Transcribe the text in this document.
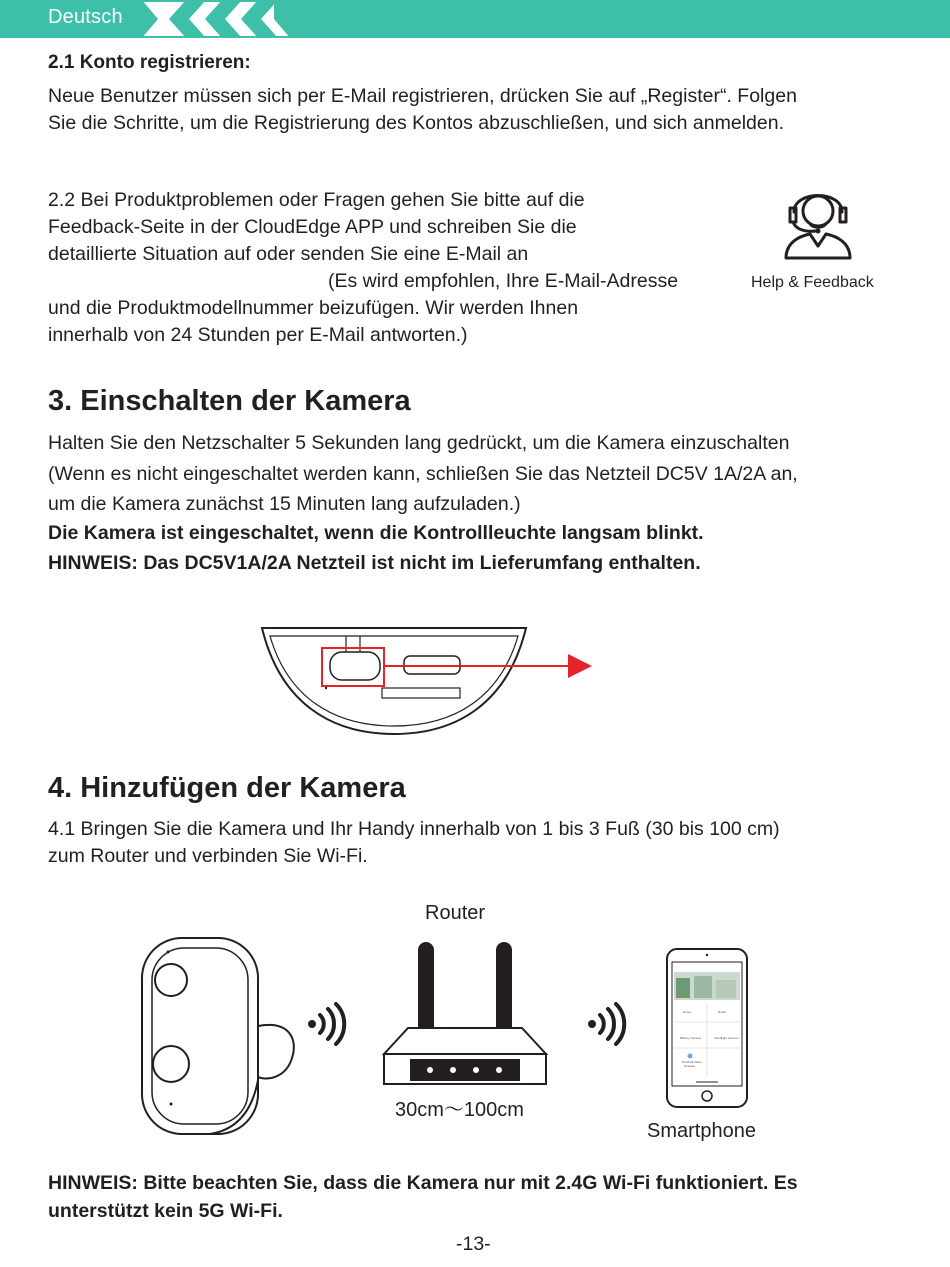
Deutsch
2.1 Konto registrieren:
Neue Benutzer müssen sich per E-Mail registrieren, drücken Sie auf „Register“. Folgen
Sie die Schritte, um die Registrierung des Kontos abzuschließen, und sich anmelden.
2.2 Bei Produktproblemen oder Fragen gehen Sie bitte auf die
Feedback-Seite in der CloudEdge APP und schreiben Sie die
detaillierte Situation auf oder senden Sie eine E-Mail an
(Es wird empfohlen, Ihre E-Mail-Adresse
und die Produktmodellnummer beizufügen. Wir werden Ihnen
innerhalb von 24 Stunden per E-Mail antworten.)
Help & Feedback
3. Einschalten der Kamera
Halten Sie den Netzschalter 5 Sekunden lang gedrückt, um die Kamera einzuschalten
(Wenn es nicht eingeschaltet werden kann, schließen Sie das Netzteil DC5V 1A/2A an,
um die Kamera zunächst 15 Minuten lang aufzuladen.)
Die Kamera ist eingeschaltet, wenn die Kontrollleuchte langsam blinkt.
HINWEIS: Das DC5V1A/2A Netzteil ist nicht im Lieferumfang enthalten.
4. Hinzufügen der Kamera
4.1 Bringen Sie die Kamera und Ihr Handy innerhalb von 1 bis 3 Fuß (30 bis 100 cm)
zum Router und verbinden Sie Wi-Fi.
Router
30cm～100cm
Home	Doubt
Battery Camera	Floodlight Camera
Doorbell Video
Network
Smartphone
HINWEIS: Bitte beachten Sie, dass die Kamera nur mit 2.4G Wi-Fi funktioniert. Es
unterstützt kein 5G Wi-Fi.
-13-
